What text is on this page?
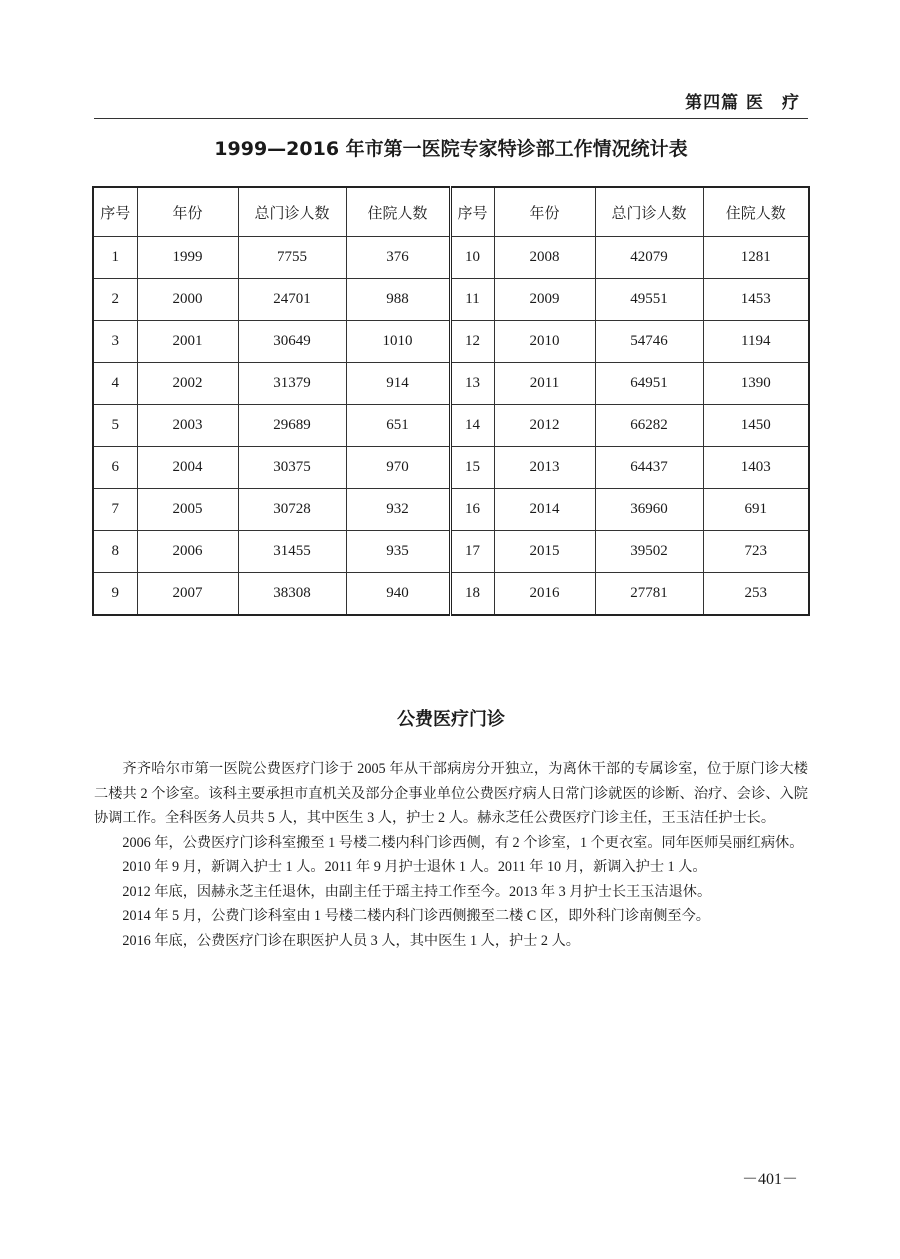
第四篇 医　疗
1999—2016 年市第一医院专家特诊部工作情况统计表
序号	年份	总门诊人数	住院人数	序号	年份	总门诊人数	住院人数
1	1999	7755	376	10	2008	42079	1281
2	2000	24701	988	11	2009	49551	1453
3	2001	30649	1010	12	2010	54746	1194
4	2002	31379	914	13	2011	64951	1390
5	2003	29689	651	14	2012	66282	1450
6	2004	30375	970	15	2013	64437	1403
7	2005	30728	932	16	2014	36960	691
8	2006	31455	935	17	2015	39502	723
9	2007	38308	940	18	2016	27781	253
公费医疗门诊

齐齐哈尔市第一医院公费医疗门诊于 2005 年从干部病房分开独立，为离休干部的专属诊室，位于原门诊大楼二楼共 2 个诊室。该科主要承担市直机关及部分企事业单位公费医疗病人日常门诊就医的诊断、治疗、会诊、入院协调工作。全科医务人员共 5 人，其中医生 3 人，护士 2 人。赫永芝任公费医疗门诊主任，王玉洁任护士长。

2006 年，公费医疗门诊科室搬至 1 号楼二楼内科门诊西侧，有 2 个诊室，1 个更衣室。同年医师吴丽红病休。

2010 年 9 月，新调入护士 1 人。2011 年 9 月护士退休 1 人。2011 年 10 月，新调入护士 1 人。

2012 年底，因赫永芝主任退休，由副主任于瑶主持工作至今。2013 年 3 月护士长王玉洁退休。

2014 年 5 月，公费门诊科室由 1 号楼二楼内科门诊西侧搬至二楼 C 区，即外科门诊南侧至今。

2016 年底，公费医疗门诊在职医护人员 3 人，其中医生 1 人，护士 2 人。

－401－
